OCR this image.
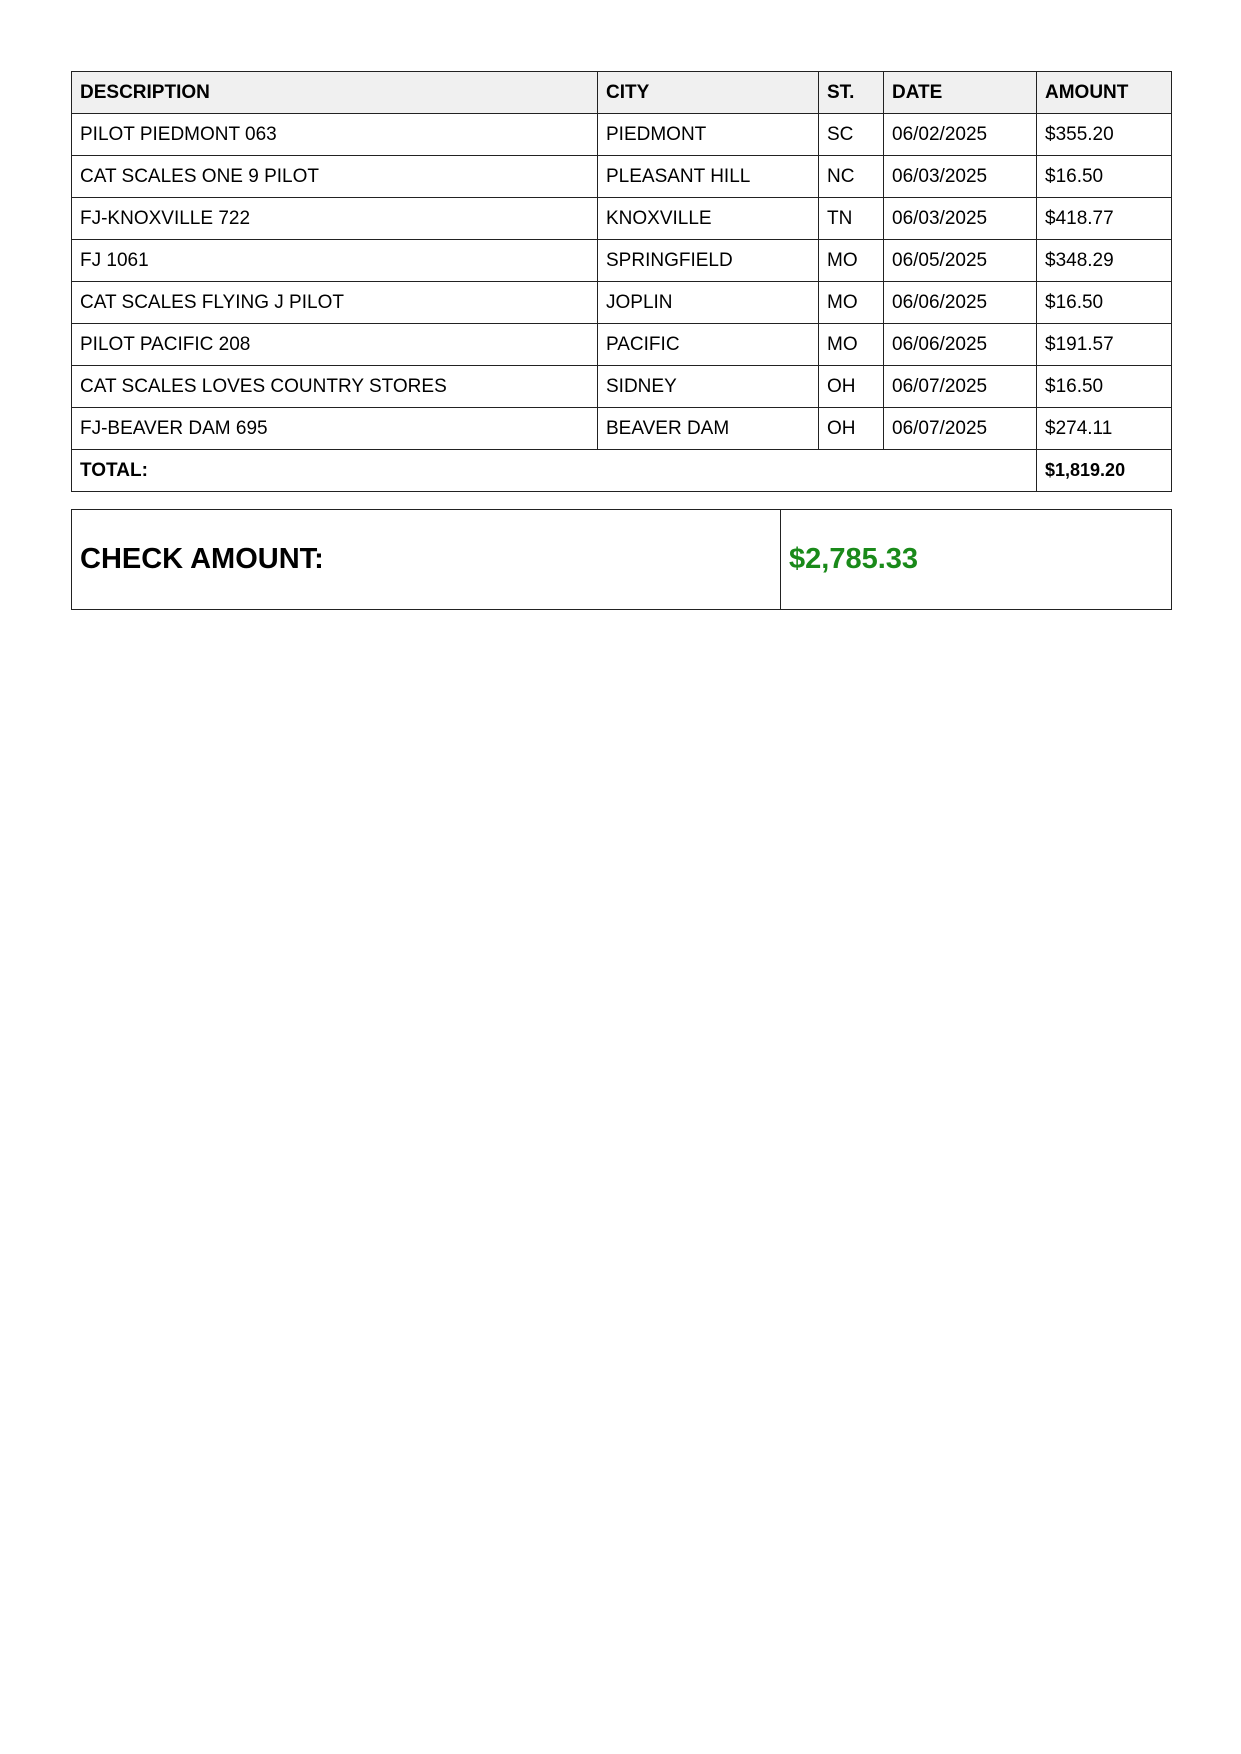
DESCRIPTION	CITY	ST.	DATE	AMOUNT
PILOT PIEDMONT 063	PIEDMONT	SC	06/02/2025	$355.20
CAT SCALES ONE 9 PILOT	PLEASANT HILL	NC	06/03/2025	$16.50
FJ-KNOXVILLE 722	KNOXVILLE	TN	06/03/2025	$418.77
FJ 1061	SPRINGFIELD	MO	06/05/2025	$348.29
CAT SCALES FLYING J PILOT	JOPLIN	MO	06/06/2025	$16.50
PILOT PACIFIC 208	PACIFIC	MO	06/06/2025	$191.57
CAT SCALES LOVES COUNTRY STORES	SIDNEY	OH	06/07/2025	$16.50
FJ-BEAVER DAM 695	BEAVER DAM	OH	06/07/2025	$274.11
TOTAL:				$1,819.20
CHECK AMOUNT:	$2,785.33
